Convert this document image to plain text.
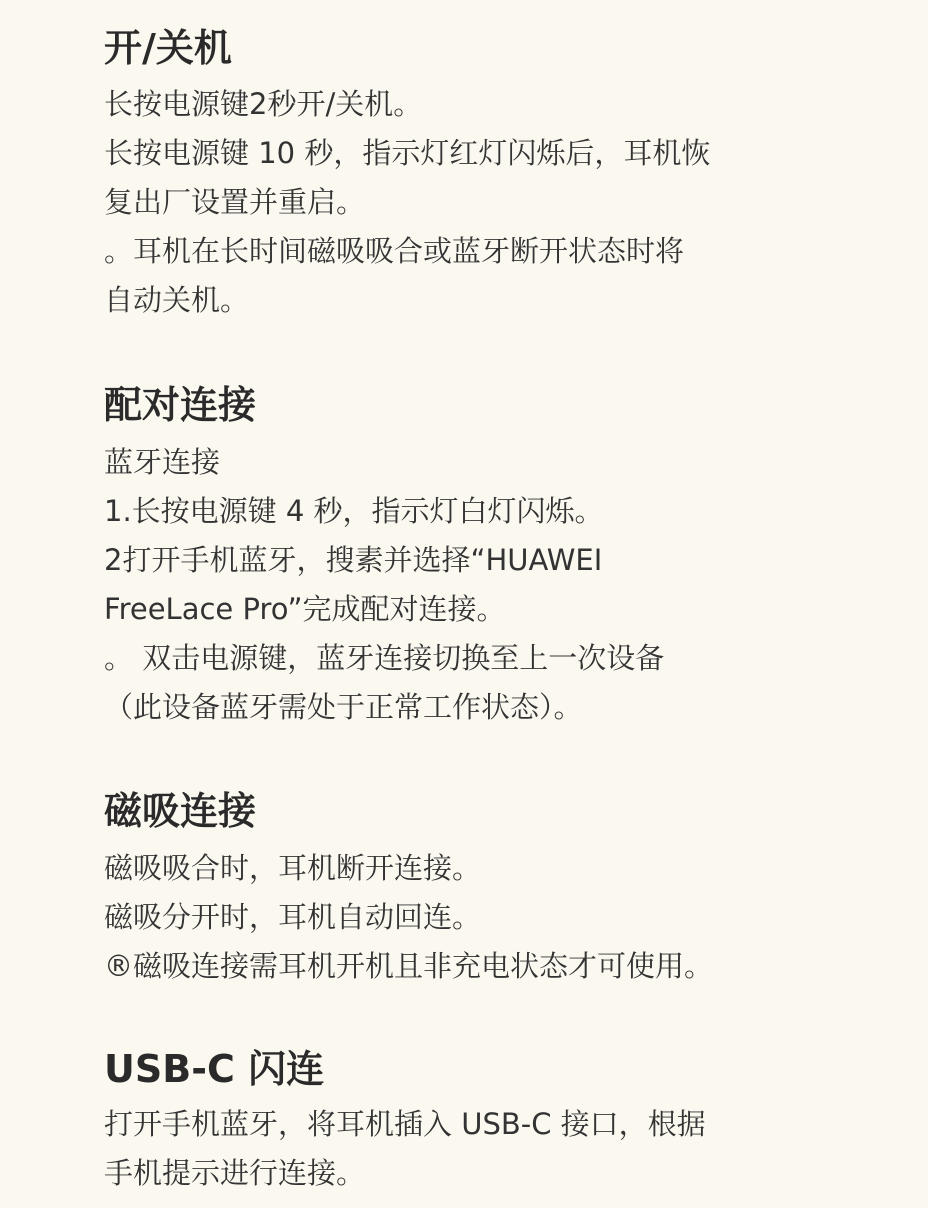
开/关机
长按电源键2秒开/关机。
长按电源键 10 秒，指示灯红灯闪烁后，耳机恢
复出厂设置并重启。
。耳机在长时间磁吸吸合或蓝牙断开状态时将
自动关机。
配对连接
蓝牙连接
1.长按电源键 4 秒，指示灯白灯闪烁。
2打开手机蓝牙，搜素并选择“HUAWEI
FreeLace Pro”完成配对连接。
。 双击电源键，蓝牙连接切换至上一次设备
（此设备蓝牙需处于正常工作状态）。
磁吸连接
磁吸吸合时，耳机断开连接。
磁吸分开时，耳机自动回连。
®磁吸连接需耳机开机且非充电状态才可使用。
USB-C 闪连
打开手机蓝牙，将耳机插入 USB-C 接口，根据
手机提示进行连接。
